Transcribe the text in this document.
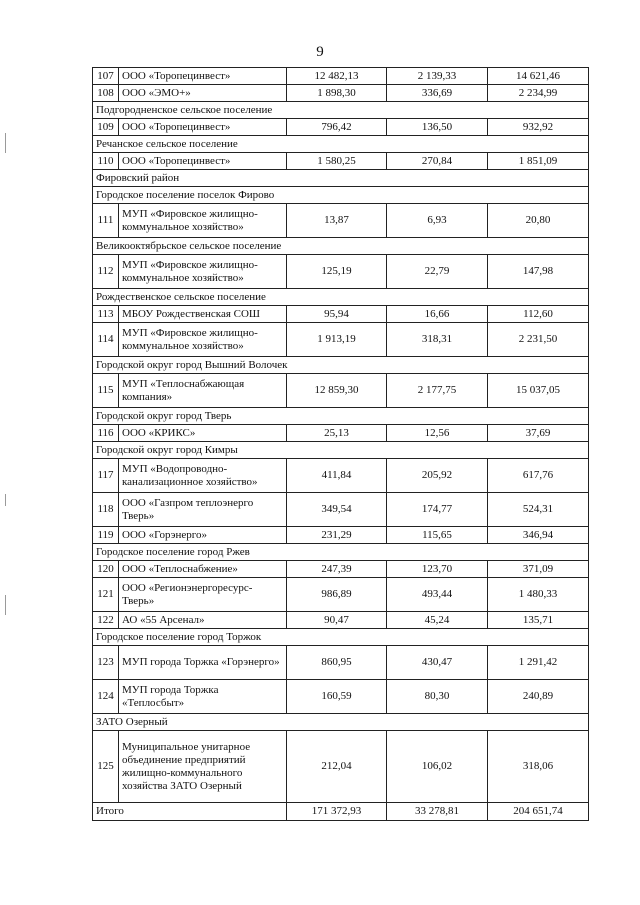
9
107	ООО «Торопецинвест»	12 482,13	2 139,33	14 621,46
108	ООО «ЭМО+»	1 898,30	336,69	2 234,99
Подгородненское сельское поселение				
109	ООО «Торопецинвест»	796,42	136,50	932,92
Речанское сельское поселение				
110	ООО «Торопецинвест»	1 580,25	270,84	1 851,09
Фировский район				
Городское поселение поселок Фирово				
111	МУП «Фировское жилищно-коммунальное хозяйство»	13,87	6,93	20,80
Великооктябрьское сельское поселение				
112	МУП «Фировское жилищно-коммунальное хозяйство»	125,19	22,79	147,98
Рождественское сельское поселение				
113	МБОУ Рождественская СОШ	95,94	16,66	112,60
114	МУП «Фировское жилищно-коммунальное хозяйство»	1 913,19	318,31	2 231,50
Городской округ город Вышний Волочек				
115	МУП «Теплоснабжающая компания»	12 859,30	2 177,75	15 037,05
Городской округ город Тверь				
116	ООО «КРИКС»	25,13	12,56	37,69
Городской округ город Кимры				
117	МУП «Водопроводно-канализационное хозяйство»	411,84	205,92	617,76
118	ООО «Газпром теплоэнерго Тверь»	349,54	174,77	524,31
119	ООО «Горэнерго»	231,29	115,65	346,94
Городское поселение город Ржев				
120	ООО «Теплоснабжение»	247,39	123,70	371,09
121	ООО «Регионэнергоресурс-Тверь»	986,89	493,44	1 480,33
122	АО «55 Арсенал»	90,47	45,24	135,71
Городское поселение город Торжок				
123	МУП города Торжка «Горэнерго»	860,95	430,47	1 291,42
124	МУП города Торжка «Теплосбыт»	160,59	80,30	240,89
ЗАТО Озерный				
125	Муниципальное унитарное объединение предприятий жилищно-коммунального хозяйства ЗАТО Озерный	212,04	106,02	318,06
Итого		171 372,93	33 278,81	204 651,74
